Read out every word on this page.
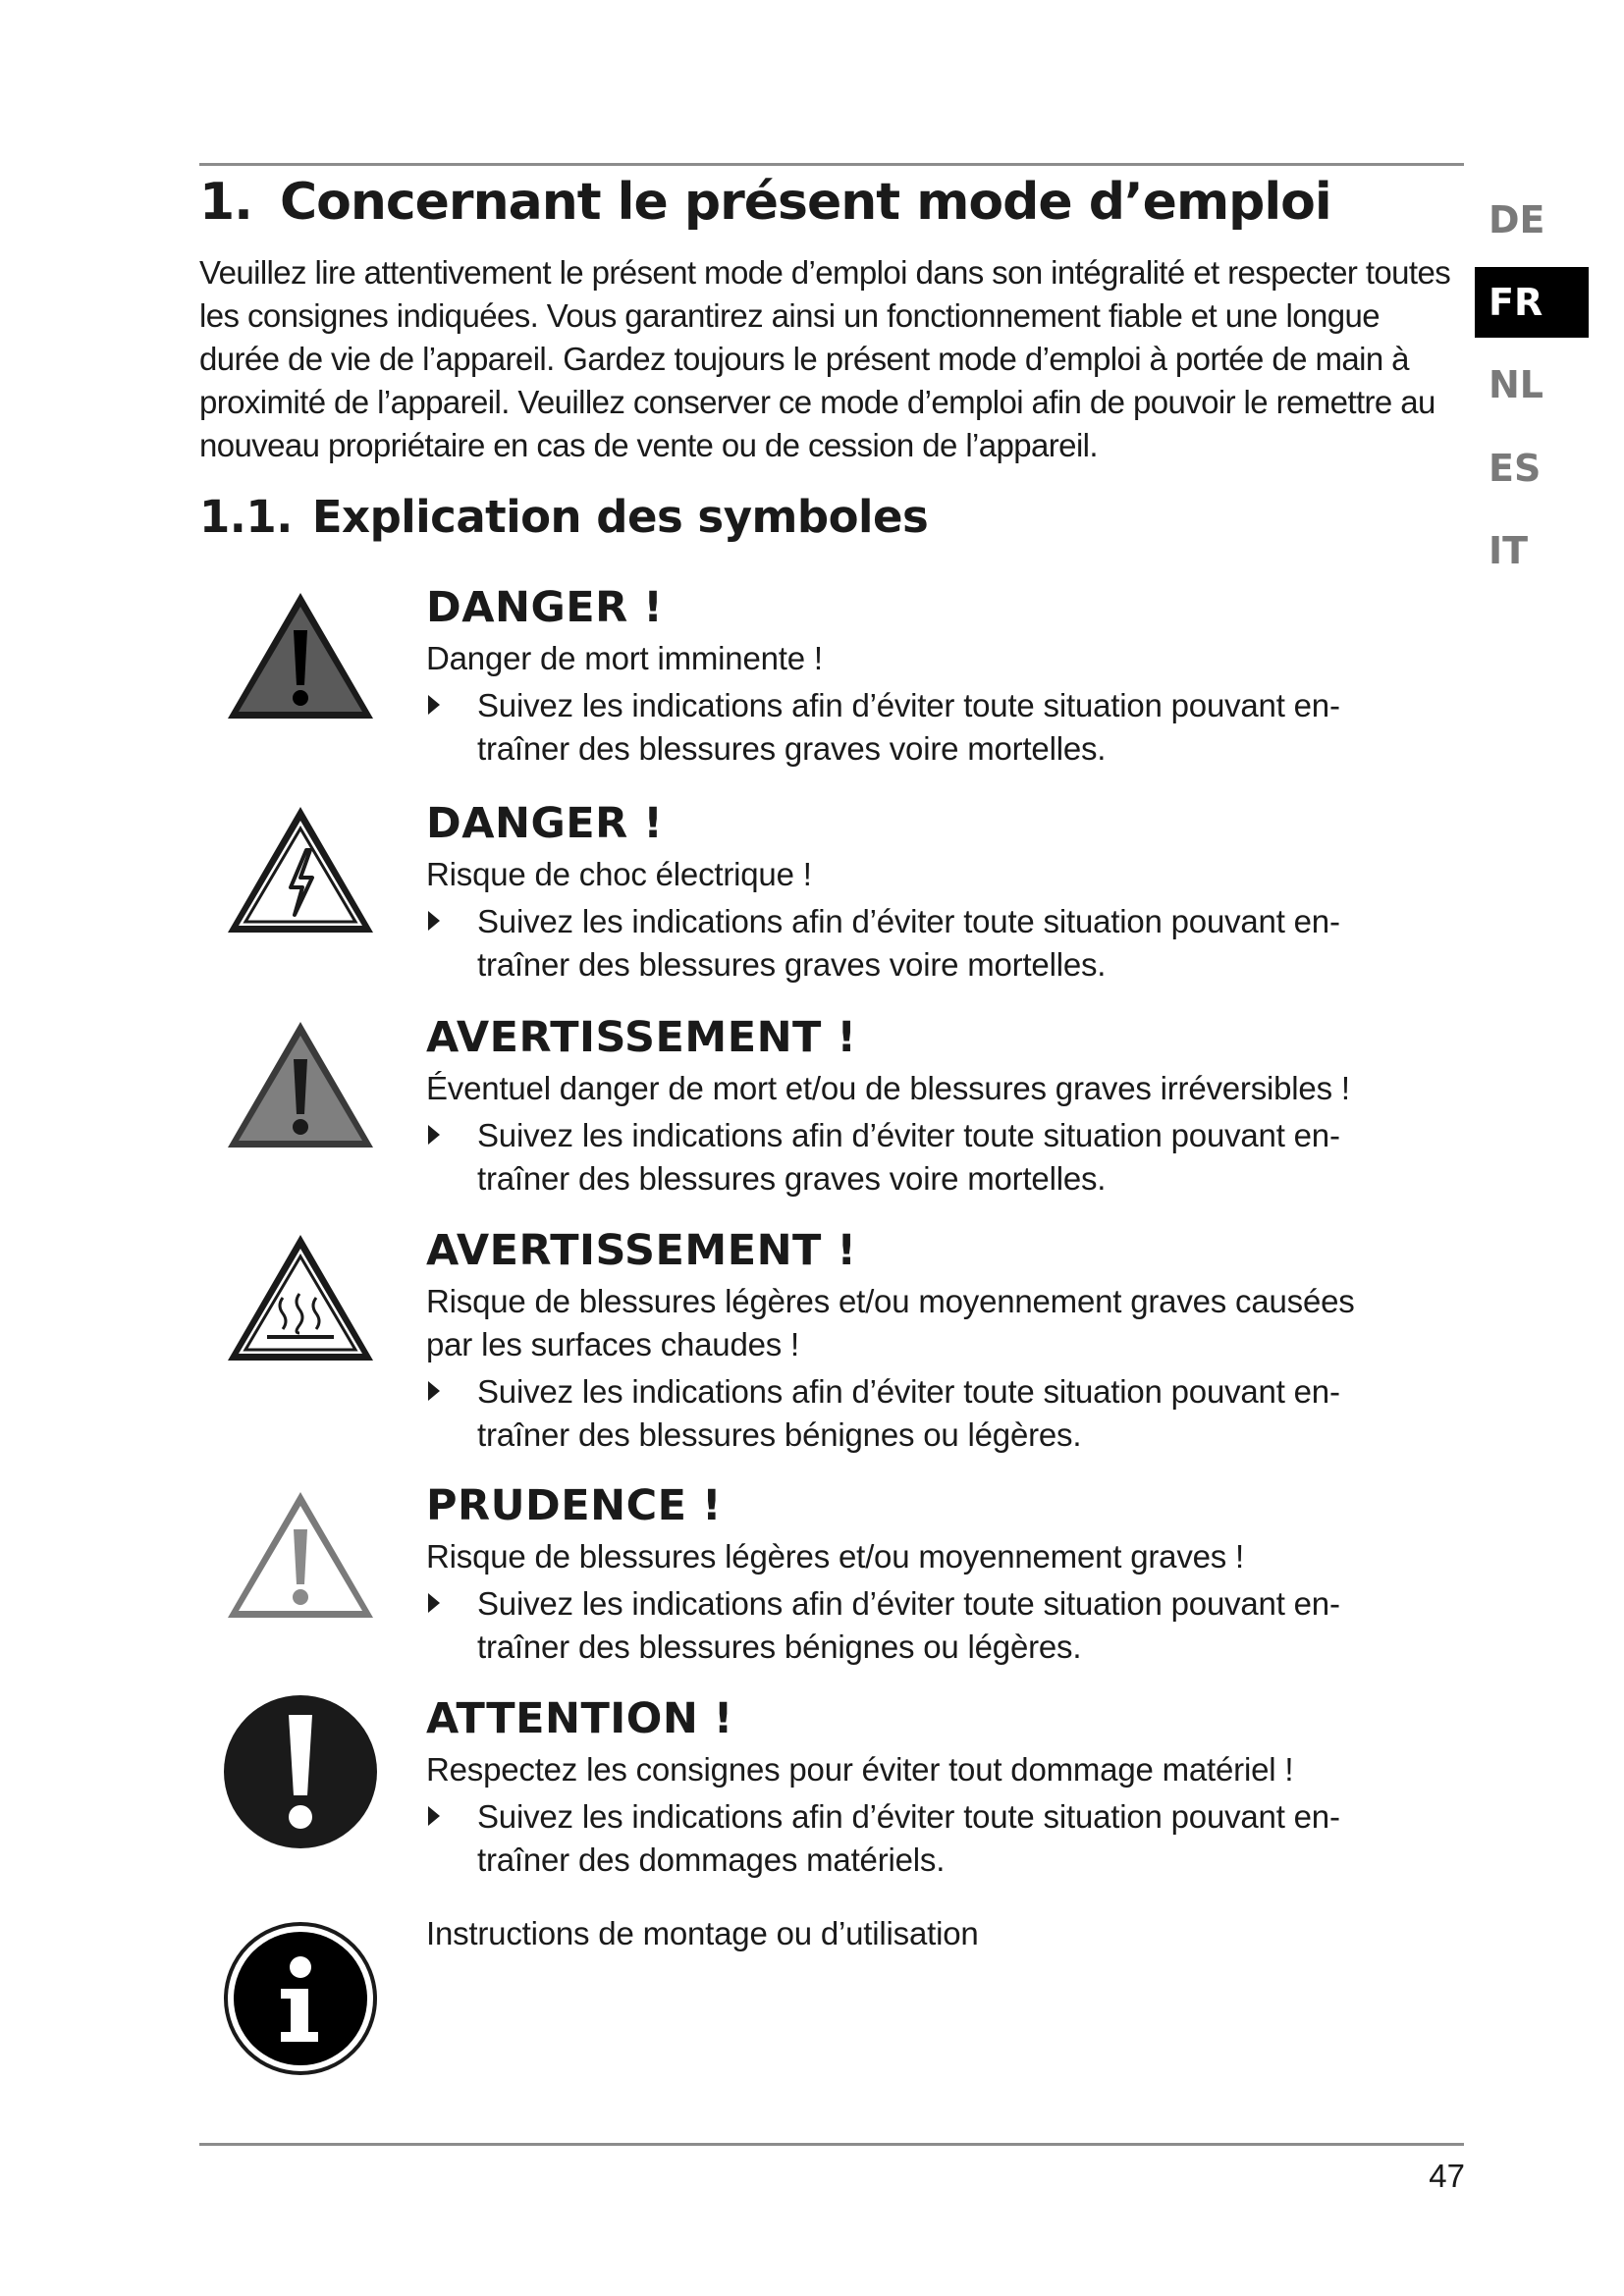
1. Concernant le présent mode d’emploi

Veuillez lire attentivement le présent mode d’emploi dans son intégralité et respecter toutes les consignes indiquées. Vous garantirez ainsi un fonctionnement fiable et une longue durée de vie de l’appareil. Gardez toujours le présent mode d’emploi à portée de main à proximité de l’appareil. Veuillez conserver ce mode d’emploi afin de pouvoir le remettre au nouveau propriétaire en cas de vente ou de cession de l’appareil.

1.1. Explication des symboles
DE
FR
NL
ES
IT
DANGER !
Danger de mort imminente !
Suivez les indications afin d’éviter toute situation pouvant en-traîner des blessures graves voire mortelles.
DANGER !
Risque de choc électrique !
Suivez les indications afin d’éviter toute situation pouvant en-traîner des blessures graves voire mortelles.
AVERTISSEMENT !
Éventuel danger de mort et/ou de blessures graves irréversibles !
Suivez les indications afin d’éviter toute situation pouvant en-traîner des blessures graves voire mortelles.
AVERTISSEMENT !
Risque de blessures légères et/ou moyennement graves causées par les surfaces chaudes !
Suivez les indications afin d’éviter toute situation pouvant en-traîner des blessures bénignes ou légères.
PRUDENCE !
Risque de blessures légères et/ou moyennement graves !
Suivez les indications afin d’éviter toute situation pouvant en-traîner des blessures bénignes ou légères.
ATTENTION !
Respectez les consignes pour éviter tout dommage matériel !
Suivez les indications afin d’éviter toute situation pouvant en-traîner des dommages matériels.
Instructions de montage ou d’utilisation
47
